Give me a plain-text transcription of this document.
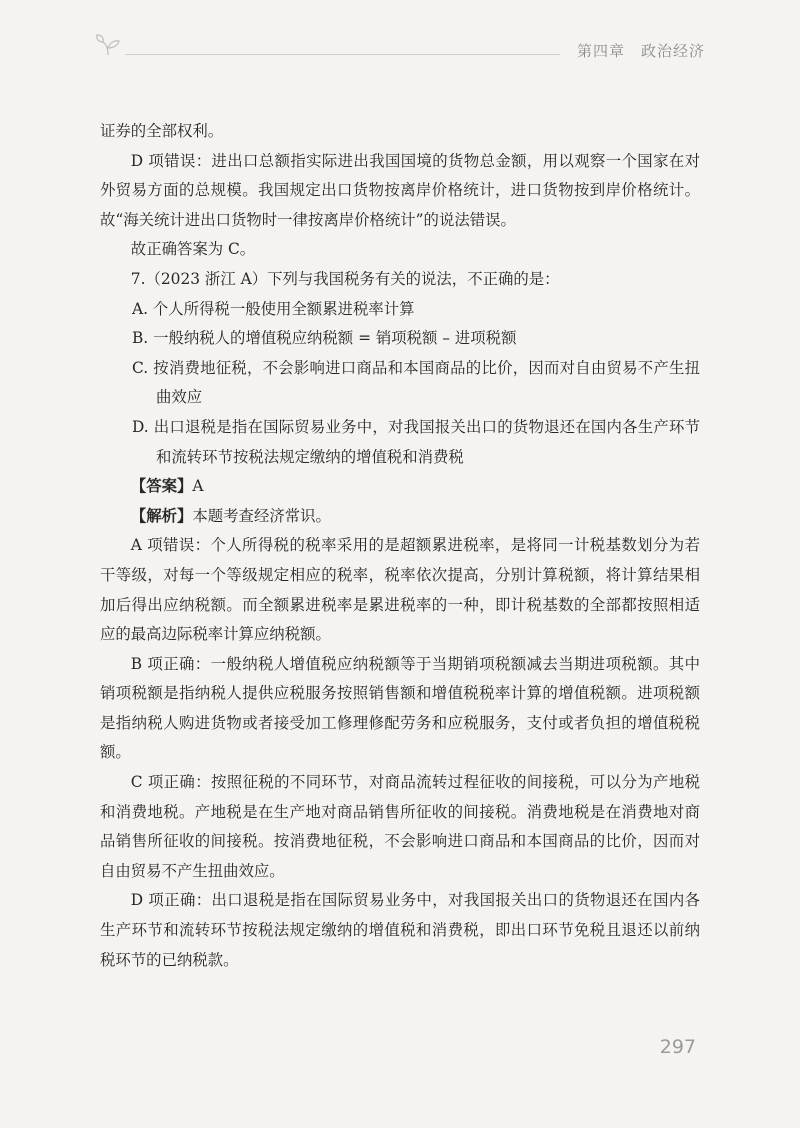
第四章　政治经济

证券的全部权利。

D 项错误：进出口总额指实际进出我国国境的货物总金额，用以观察一个国家在对外贸易方面的总规模。我国规定出口货物按离岸价格统计，进口货物按到岸价格统计。故“海关统计进出口货物时一律按离岸价格统计”的说法错误。

故正确答案为 C。

7.（2023 浙江 A）下列与我国税务有关的说法，不正确的是：

A. 个人所得税一般使用全额累进税率计算

B. 一般纳税人的增值税应纳税额 = 销项税额 – 进项税额

C. 按消费地征税，不会影响进口商品和本国商品的比价，因而对自由贸易不产生扭曲效应

D. 出口退税是指在国际贸易业务中，对我国报关出口的货物退还在国内各生产环节和流转环节按税法规定缴纳的增值税和消费税

【答案】A

【解析】本题考查经济常识。

A 项错误：个人所得税的税率采用的是超额累进税率，是将同一计税基数划分为若干等级，对每一个等级规定相应的税率，税率依次提高，分别计算税额，将计算结果相加后得出应纳税额。而全额累进税率是累进税率的一种，即计税基数的全部都按照相适应的最高边际税率计算应纳税额。

B 项正确：一般纳税人增值税应纳税额等于当期销项税额减去当期进项税额。其中销项税额是指纳税人提供应税服务按照销售额和增值税税率计算的增值税额。进项税额是指纳税人购进货物或者接受加工修理修配劳务和应税服务，支付或者负担的增值税税额。

C 项正确：按照征税的不同环节，对商品流转过程征收的间接税，可以分为产地税和消费地税。产地税是在生产地对商品销售所征收的间接税。消费地税是在消费地对商品销售所征收的间接税。按消费地征税，不会影响进口商品和本国商品的比价，因而对自由贸易不产生扭曲效应。

D 项正确：出口退税是指在国际贸易业务中，对我国报关出口的货物退还在国内各生产环节和流转环节按税法规定缴纳的增值税和消费税，即出口环节免税且退还以前纳税环节的已纳税款。

297
